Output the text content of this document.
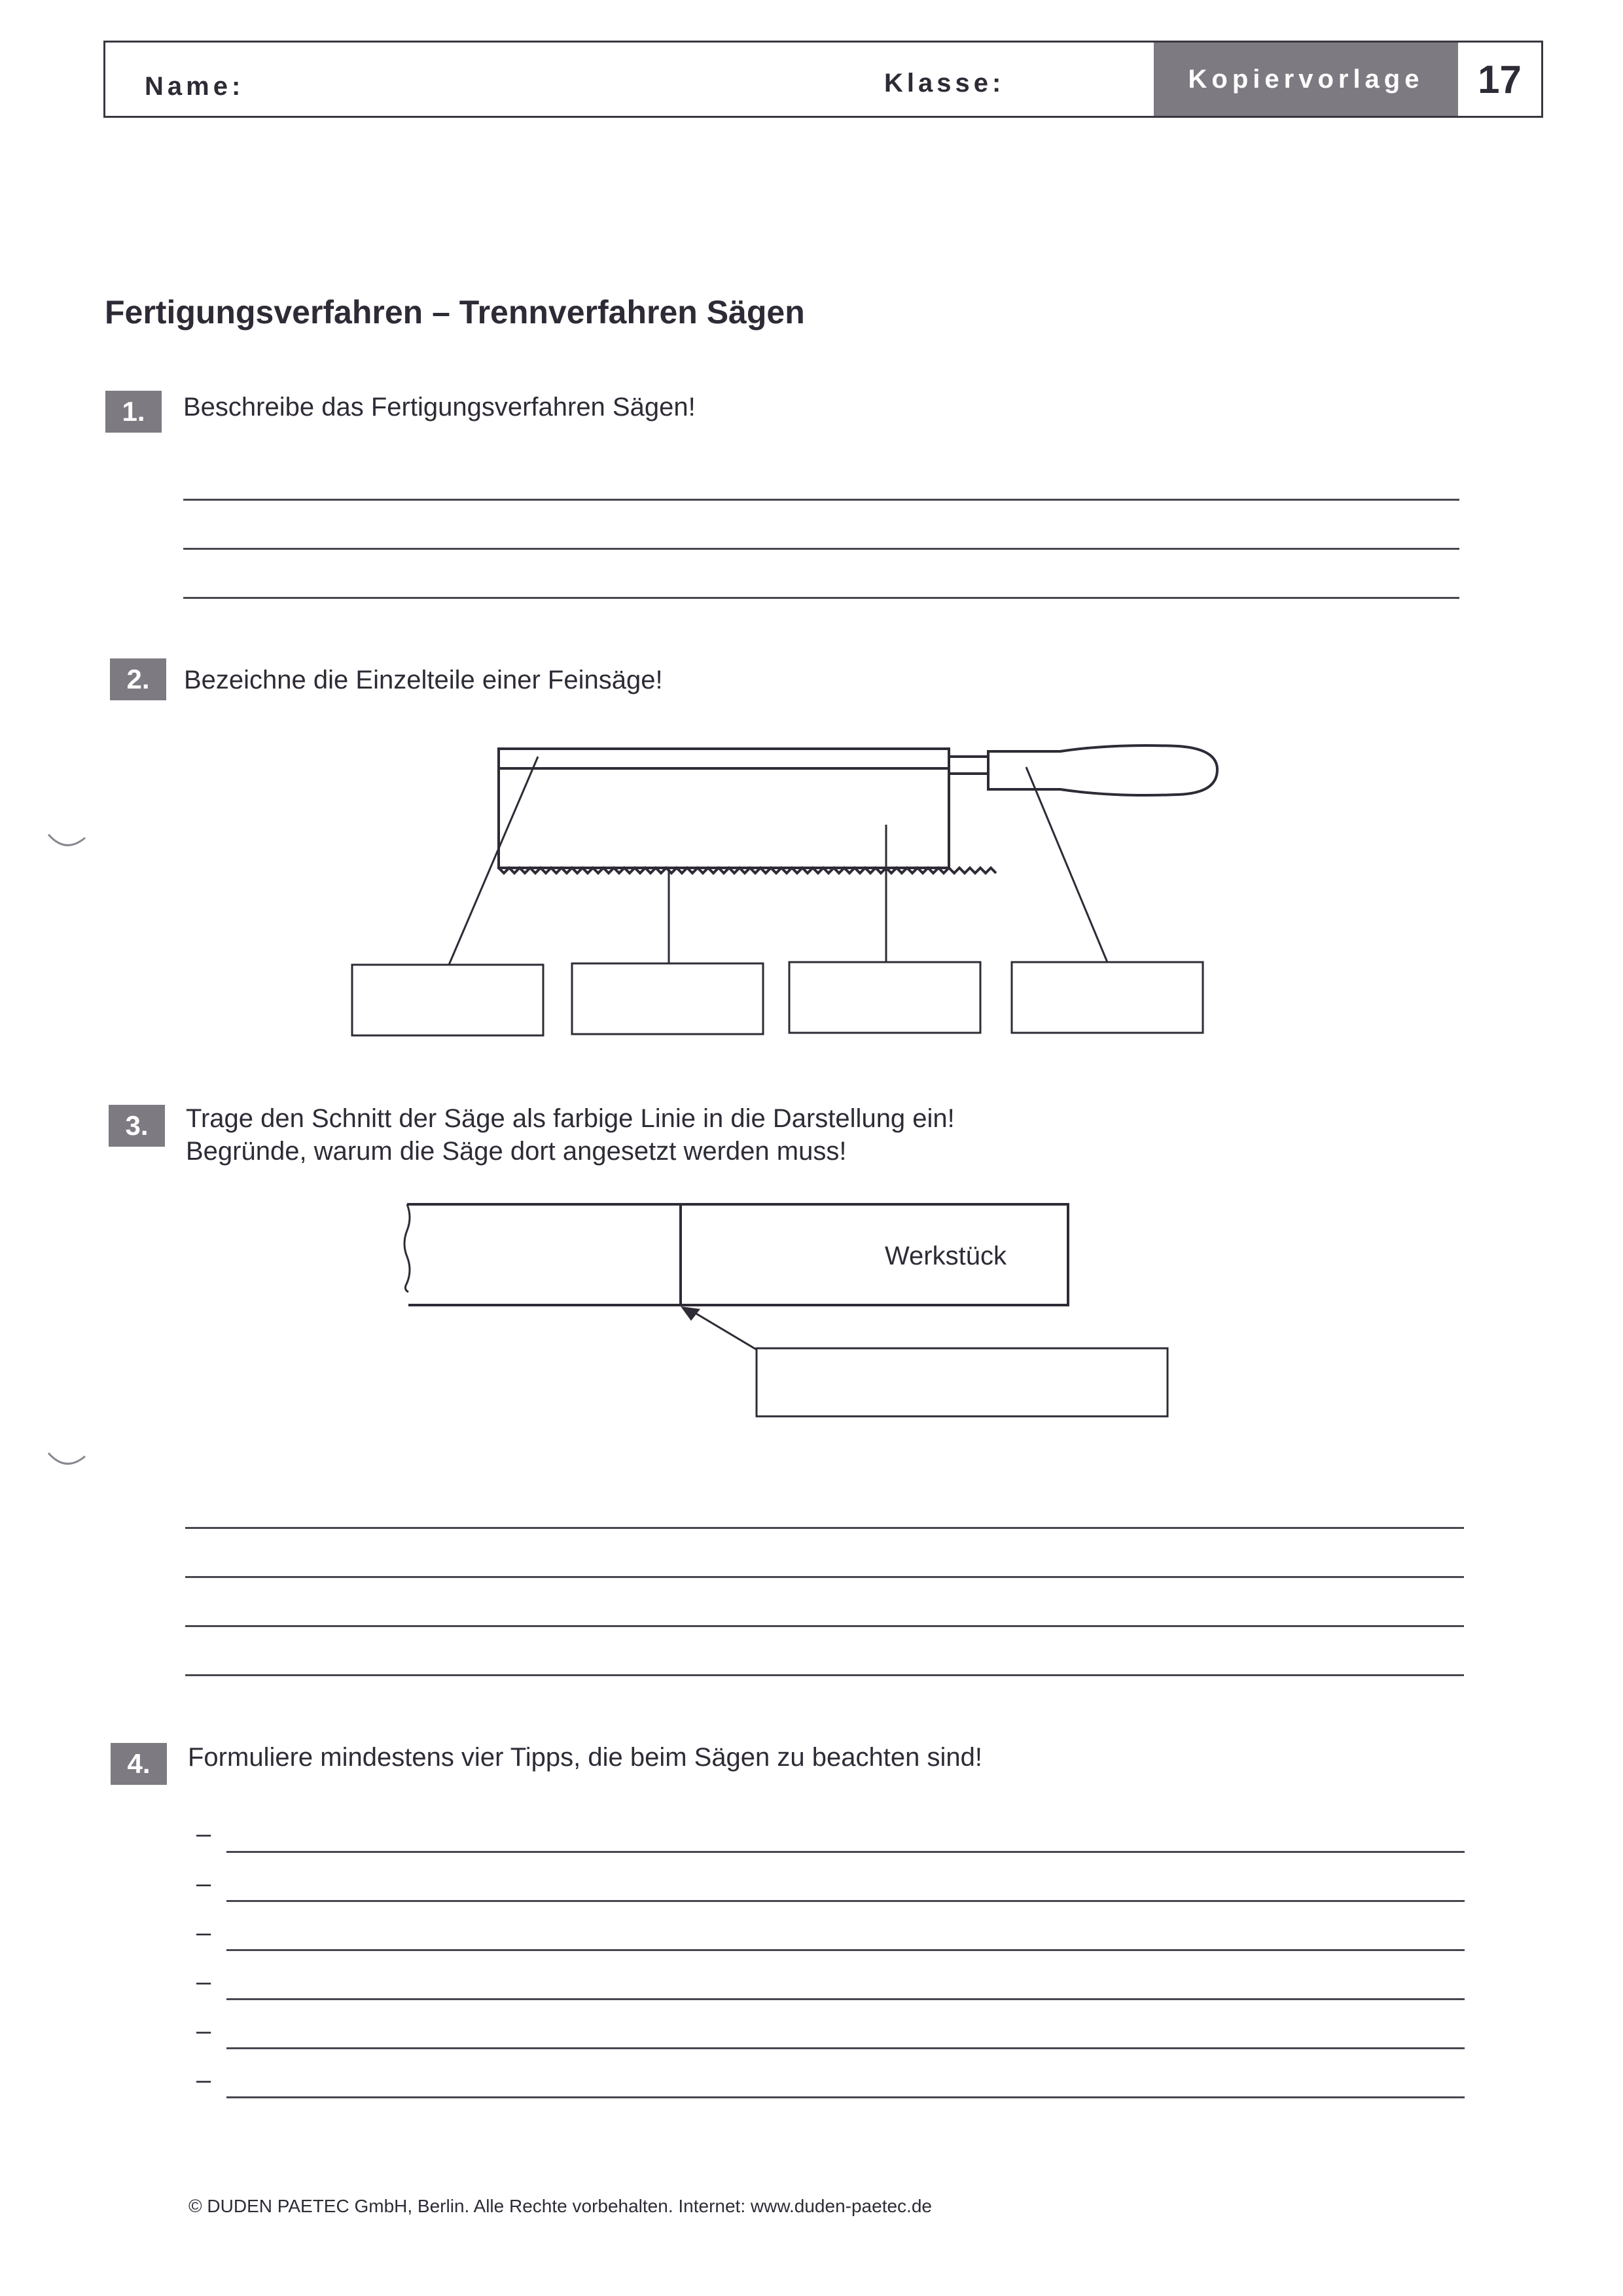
Name:	Klasse:	Kopiervorlage	17
Fertigungsverfahren – Trennverfahren Sägen
1.	Beschreibe das Fertigungsverfahren Sägen!
2.	Bezeichne die Einzelteile einer Feinsäge!
3.	Trage den Schnitt der Säge als farbige Linie in die Darstellung ein!
Begründe, warum die Säge dort angesetzt werden muss!
Werkstück
4.	Formuliere mindestens vier Tipps, die beim Sägen zu beachten sind!
–
–
–
–
–
–
© DUDEN PAETEC GmbH, Berlin. Alle Rechte vorbehalten. Internet: www.duden-paetec.de
